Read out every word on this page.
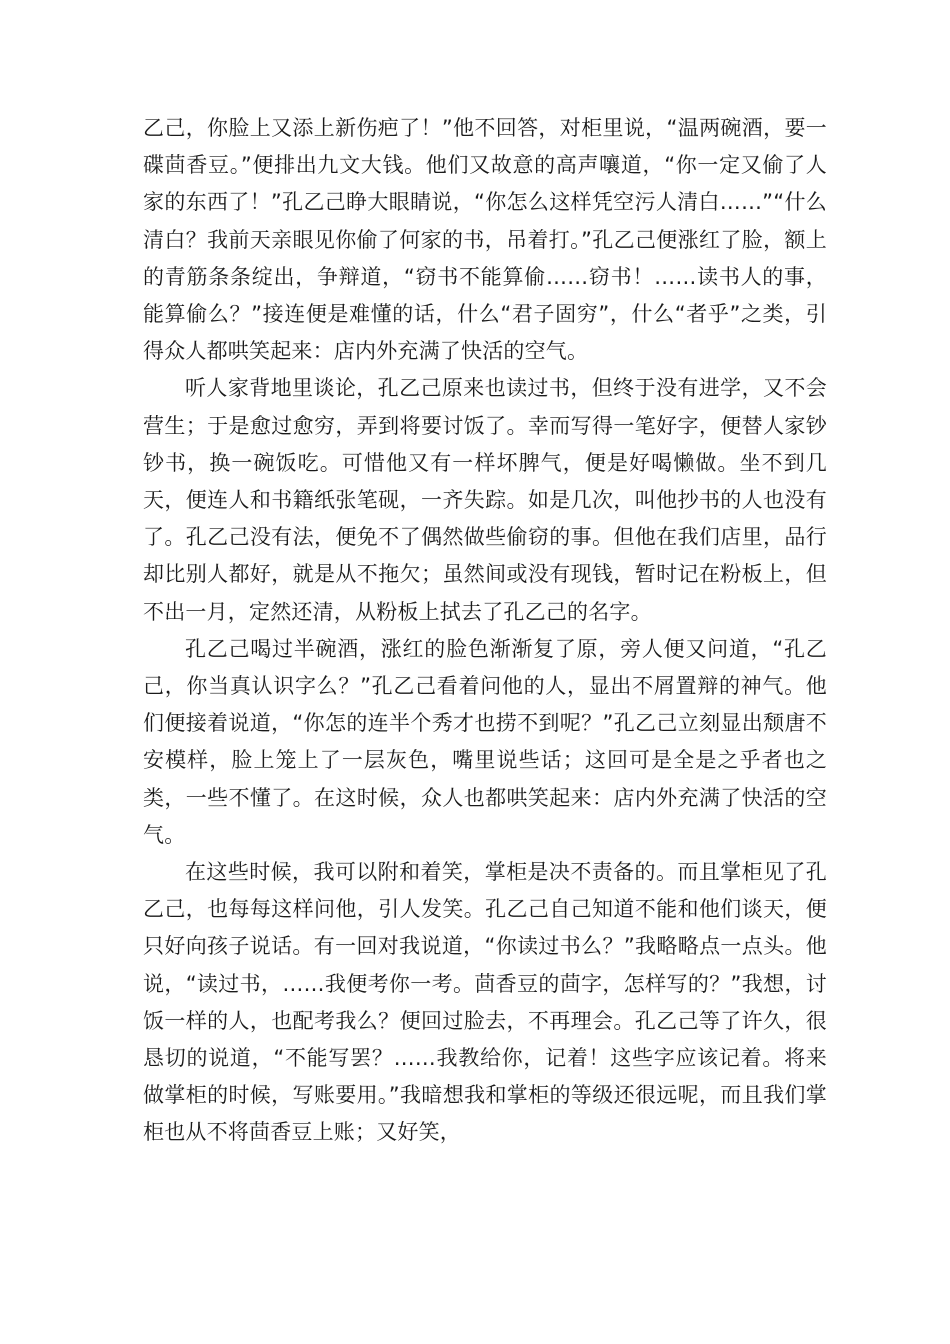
乙己，你脸上又添上新伤疤了！”他不回答，对柜里说，“温两碗酒，要一碟茴香豆。”便排出九文大钱。他们又故意的高声嚷道，“你一定又偷了人家的东西了！”孔乙己睁大眼睛说，“你怎么这样凭空污人清白……”“什么清白？我前天亲眼见你偷了何家的书，吊着打。”孔乙己便涨红了脸，额上的青筋条条绽出，争辩道，“窃书不能算偷……窃书！……读书人的事，能算偷么？”接连便是难懂的话，什么“君子固穷”，什么“者乎”之类，引得众人都哄笑起来：店内外充满了快活的空气。

听人家背地里谈论，孔乙己原来也读过书，但终于没有进学，又不会营生；于是愈过愈穷，弄到将要讨饭了。幸而写得一笔好字，便替人家钞钞书，换一碗饭吃。可惜他又有一样坏脾气，便是好喝懒做。坐不到几天，便连人和书籍纸张笔砚，一齐失踪。如是几次，叫他抄书的人也没有了。孔乙己没有法，便免不了偶然做些偷窃的事。但他在我们店里，品行却比别人都好，就是从不拖欠；虽然间或没有现钱，暂时记在粉板上，但不出一月，定然还清，从粉板上拭去了孔乙己的名字。

孔乙己喝过半碗酒，涨红的脸色渐渐复了原，旁人便又问道，“孔乙己，你当真认识字么？”孔乙己看着问他的人，显出不屑置辩的神气。他们便接着说道，“你怎的连半个秀才也捞不到呢？”孔乙己立刻显出颓唐不安模样，脸上笼上了一层灰色，嘴里说些话；这回可是全是之乎者也之类，一些不懂了。在这时候，众人也都哄笑起来：店内外充满了快活的空气。

在这些时候，我可以附和着笑，掌柜是决不责备的。而且掌柜见了孔乙己，也每每这样问他，引人发笑。孔乙己自己知道不能和他们谈天，便只好向孩子说话。有一回对我说道，“你读过书么？”我略略点一点头。他说，“读过书，……我便考你一考。茴香豆的茴字，怎样写的？”我想，讨饭一样的人，也配考我么？便回过脸去，不再理会。孔乙己等了许久，很恳切的说道，“不能写罢？……我教给你，记着！这些字应该记着。将来做掌柜的时候，写账要用。”我暗想我和掌柜的等级还很远呢，而且我们掌柜也从不将茴香豆上账；又好笑，
